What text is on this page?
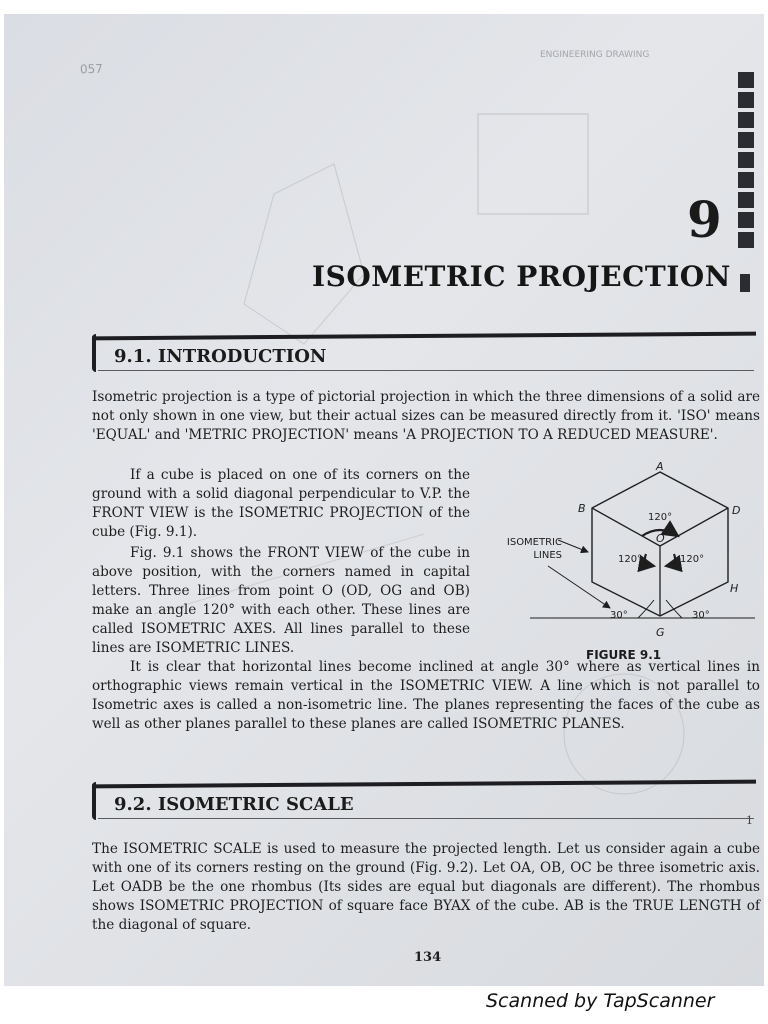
057
ENGINEERING DRAWING
9
ISOMETRIC PROJECTION
9.1. INTRODUCTION
Isometric projection is a type of pictorial projection in which the three dimensions of a solid are not only shown in one view, but their actual sizes can be measured directly from it. 'ISO' means 'EQUAL' and 'METRIC PROJECTION' means 'A PROJECTION TO A REDUCED MEASURE'.
If a cube is placed on one of its corners on the ground with a solid diagonal perpendicular to V.P. the FRONT VIEW is the ISOMETRIC PROJECTION of the cube (Fig. 9.1).
Fig. 9.1 shows the FRONT VIEW of the cube in above position, with the corners named in capital letters. Three lines from point O (OD, OG and OB) make an angle 120° with each other. These lines are called ISOMETRIC AXES. All lines parallel to these lines are ISOMETRIC LINES.
A
B	D
O
H
G
120°
120°	120°
30°	30°
ISOMETRIC
LINES
FIGURE 9.1
It is clear that horizontal lines become inclined at angle 30° where as vertical lines in orthographic views remain vertical in the ISOMETRIC VIEW. A line which is not parallel to Isometric axes is called a non-isometric line. The planes representing the faces of the cube as well as other planes parallel to these planes are called ISOMETRIC PLANES.
9.2. ISOMETRIC SCALE
1
The ISOMETRIC SCALE is used to measure the projected length. Let us consider again a cube with one of its corners resting on the ground (Fig. 9.2). Let OA, OB, OC be three isometric axis. Let OADB be the one rhombus (Its sides are equal but diagonals are different). The rhombus shows ISOMETRIC PROJECTION of square face BYAX of the cube. AB is the TRUE LENGTH of the diagonal of square.
134
Scanned by TapScanner
